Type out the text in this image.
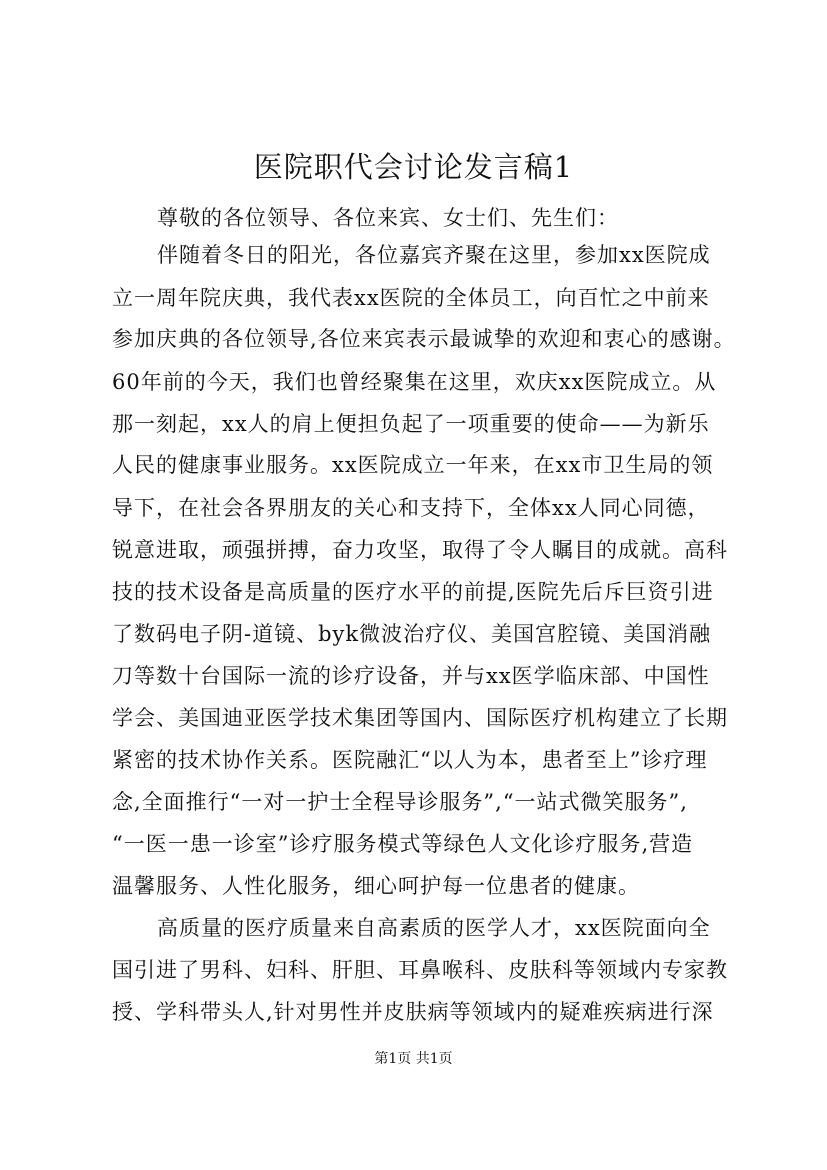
医院职代会讨论发言稿1
尊敬的各位领导、各位来宾、女士们、先生们：
伴随着冬日的阳光，各位嘉宾齐聚在这里，参加xx医院成
立一周年院庆典，我代表xx医院的全体员工，向百忙之中前来
参加庆典的各位领导,各位来宾表示最诚挚的欢迎和衷心的感谢。
60年前的今天，我们也曾经聚集在这里，欢庆xx医院成立。从
那一刻起，xx人的肩上便担负起了一项重要的使命——为新乐
人民的健康事业服务。xx医院成立一年来，在xx市卫生局的领
导下，在社会各界朋友的关心和支持下，全体xx人同心同德，
锐意进取，顽强拼搏，奋力攻坚，取得了令人瞩目的成就。高科
技的技术设备是高质量的医疗水平的前提,医院先后斥巨资引进
了数码电子阴-道镜、byk微波治疗仪、美国宫腔镜、美国消融
刀等数十台国际一流的诊疗设备，并与xx医学临床部、中国性
学会、美国迪亚医学技术集团等国内、国际医疗机构建立了长期
紧密的技术协作关系。医院融汇“以人为本，患者至上”诊疗理
念,全面推行“一对一护士全程导诊服务”,“一站式微笑服务”,
“一医一患一诊室”诊疗服务模式等绿色人文化诊疗服务,营造
温馨服务、人性化服务，细心呵护每一位患者的健康。
高质量的医疗质量来自高素质的医学人才，xx医院面向全
国引进了男科、妇科、肝胆、耳鼻喉科、皮肤科等领域内专家教
授、学科带头人,针对男性并皮肤病等领域内的疑难疾病进行深
第1页 共1页
